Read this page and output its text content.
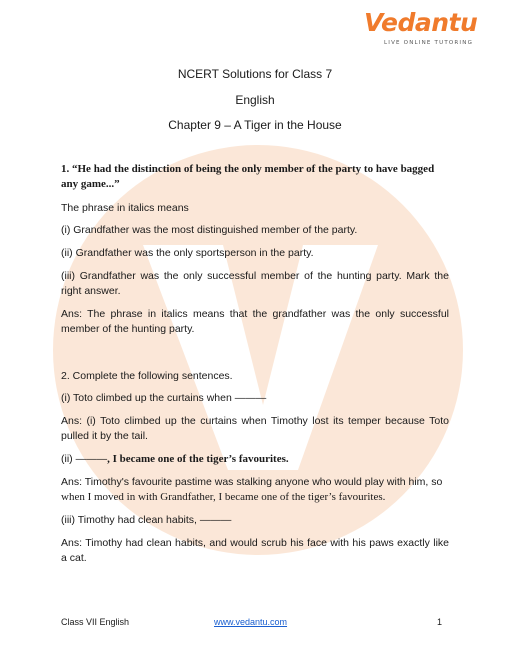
Vedantu
LIVE ONLINE TUTORING
NCERT Solutions for Class 7
English
Chapter 9 – A Tiger in the House
1. “He had the distinction of being the only member of the party to have bagged any game...”
The phrase in italics means
(i) Grandfather was the most distinguished member of the party.
(ii) Grandfather was the only sportsperson in the party.
(iii) Grandfather was the only successful member of the hunting party. Mark the right answer.
Ans: The phrase in italics means that the grandfather was the only successful member of the hunting party.
2. Complete the following sentences.
(i) Toto climbed up the curtains when ———
Ans: (i) Toto climbed up the curtains when Timothy lost its temper because Toto pulled it by the tail.
(ii) ———, I became one of the tiger’s favourites.
Ans: Timothy's favourite pastime was stalking anyone who would play with him, so
when I moved in with Grandfather, I became one of the tiger’s favourites.
(iii) Timothy had clean habits, ———
Ans: Timothy had clean habits, and would scrub his face with his paws exactly like a cat.
Class VII English	www.vedantu.com	1
